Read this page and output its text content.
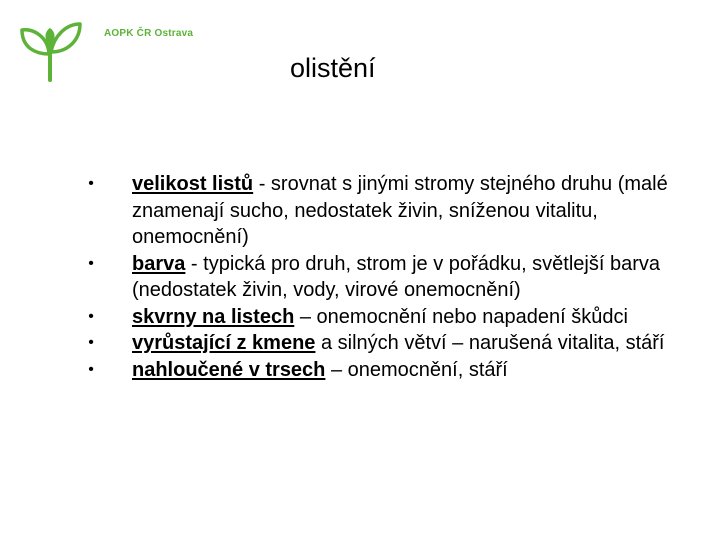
AOPK ČR Ostrava
olistění
• velikost listů - srovnat s jinými stromy stejného druhu (malé znamenají sucho, nedostatek živin, sníženou vitalitu, onemocnění)
• barva - typická pro druh, strom je v pořádku, světlejší barva (nedostatek živin, vody, virové onemocnění)
• skvrny na listech – onemocnění nebo napadení škůdci
• vyrůstající z kmene a silných větví – narušená vitalita, stáří
• nahloučené v trsech – onemocnění, stáří
